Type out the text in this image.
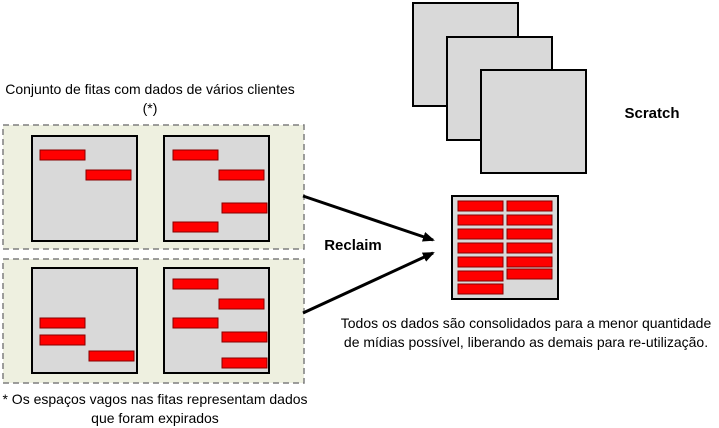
Conjunto de fitas com dados de vários clientes (*)
* Os espaços vagos nas fitas representam dados que foram expirados
Scratch
Reclaim
Todos os dados são consolidados para a menor quantidade de mídias possível, liberando as demais para re-utilização.
